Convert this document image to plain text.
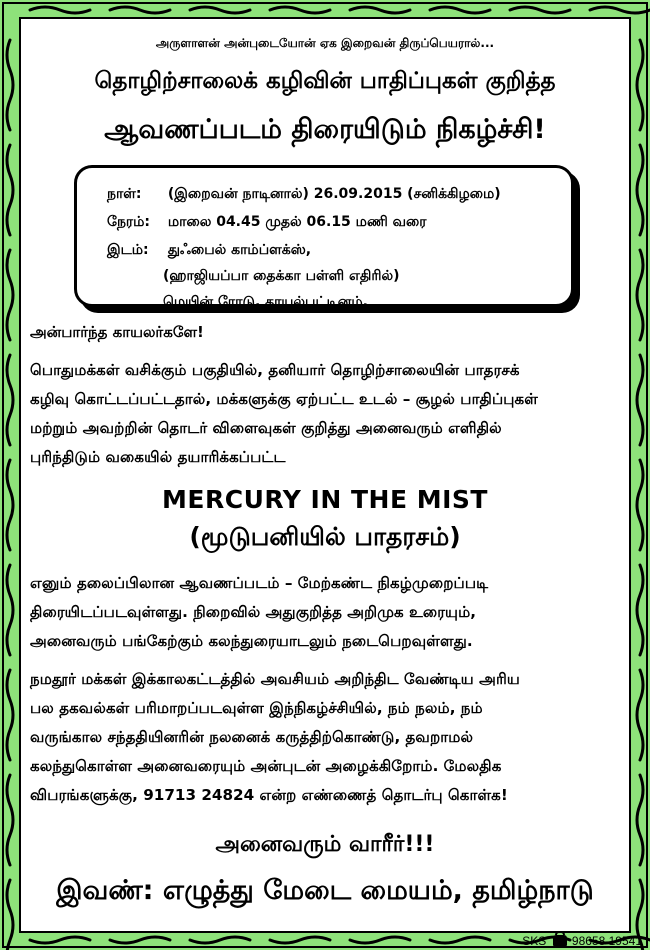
அருளாளன் அன்புடையோன் ஏக இறைவன் திருப்பெயரால்...
தொழிற்சாலைக் கழிவின் பாதிப்புகள் குறித்த
ஆவணப்படம் திரையிடும் நிகழ்ச்சி!
நாள்: (இறைவன் நாடினால்) 26.09.2015 (சனிக்கிழமை)
நேரம்: மாலை 04.45 முதல் 06.15 மணி வரை
இடம்: துஃபைல் காம்ப்ளக்ஸ்,
(ஹாஜியப்பா தைக்கா பள்ளி எதிரில்)
மெயின் ரோடு, காயல்பட்டினம்.
அன்பார்ந்த காயலர்களே!
பொதுமக்கள் வசிக்கும் பகுதியில், தனியார் தொழிற்சாலையின் பாதரசக்
கழிவு கொட்டப்பட்டதால், மக்களுக்கு ஏற்பட்ட உடல் – சூழல் பாதிப்புகள்
மற்றும் அவற்றின் தொடர் விளைவுகள் குறித்து அனைவரும் எளிதில்
புரிந்திடும் வகையில் தயாரிக்கப்பட்ட
MERCURY IN THE MIST
(மூடுபனியில் பாதரசம்)
எனும் தலைப்பிலான ஆவணப்படம் – மேற்கண்ட நிகழ்முறைப்படி
திரையிடப்படவுள்ளது. நிறைவில் அதுகுறித்த அறிமுக உரையும்,
அனைவரும் பங்கேற்கும் கலந்துரையாடலும் நடைபெறவுள்ளது.
நமதூர் மக்கள் இக்காலகட்டத்தில் அவசியம் அறிந்திட வேண்டிய அரிய
பல தகவல்கள் பரிமாறப்படவுள்ள இந்நிகழ்ச்சியில், நம் நலம், நம்
வருங்கால சந்ததியினரின் நலனைக் கருத்திற்கொண்டு, தவறாமல்
கலந்துகொள்ள அனைவரையும் அன்புடன் அழைக்கிறோம். மேலதிக
விபரங்களுக்கு, 91713 24824 என்ற எண்ணைத் தொடர்பு கொள்க!
அனைவரும் வாரீர்!!!
இவண்: எழுத்து மேடை மையம், தமிழ்நாடு
SKS 98658 19541
